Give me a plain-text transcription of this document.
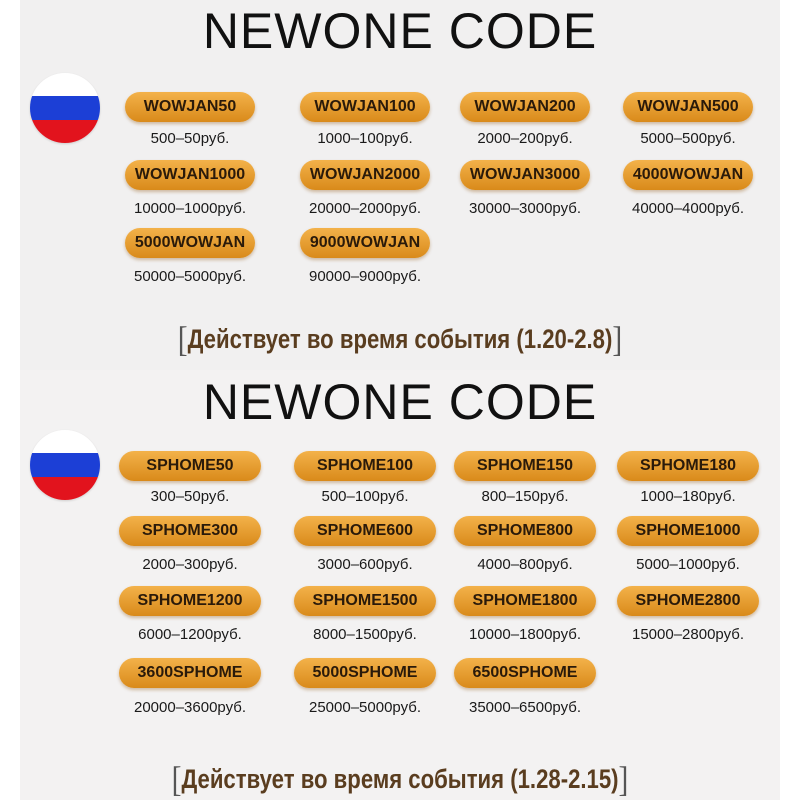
NEWONE CODE
WOWJAN50
500–50руб.
WOWJAN100
1000–100руб.
WOWJAN200
2000–200руб.
WOWJAN500
5000–500руб.
WOWJAN1000
10000–1000руб.
WOWJAN2000
20000–2000руб.
WOWJAN3000
30000–3000руб.
4000WOWJAN
40000–4000руб.
5000WOWJAN
50000–5000руб.
9000WOWJAN
90000–9000руб.
[Действует во время события (1.20-2.8)]
NEWONE CODE
SPHOME50
300–50руб.
SPHOME100
500–100руб.
SPHOME150
800–150руб.
SPHOME180
1000–180руб.
SPHOME300
2000–300руб.
SPHOME600
3000–600руб.
SPHOME800
4000–800руб.
SPHOME1000
5000–1000руб.
SPHOME1200
6000–1200руб.
SPHOME1500
8000–1500руб.
SPHOME1800
10000–1800руб.
SPHOME2800
15000–2800руб.
3600SPHOME
20000–3600руб.
5000SPHOME
25000–5000руб.
6500SPHOME
35000–6500руб.
[Действует во время события (1.28-2.15)]
